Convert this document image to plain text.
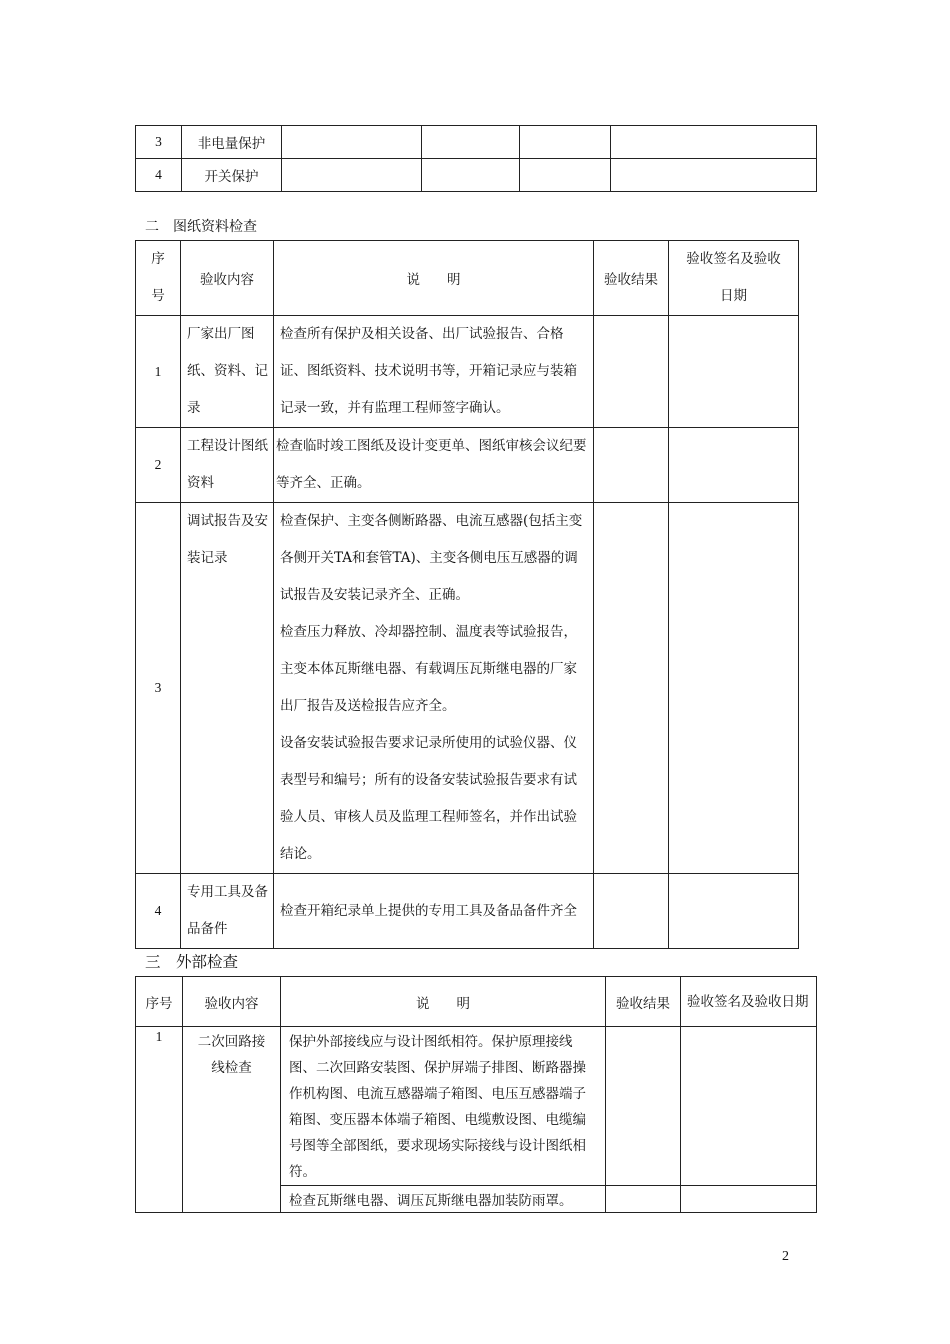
3	非电量保护				
4	开关保护				
二　图纸资料检查
序
号	验收内容	说　　明	验收结果	验收签名及验收
日期
1	厂家出厂图纸、资料、记录	检查所有保护及相关设备、出厂试验报告、合格证、图纸资料、技术说明书等，开箱记录应与装箱记录一致，并有监理工程师签字确认。		
2	工程设计图纸资料	检查临时竣工图纸及设计变更单、图纸审核会议纪要等齐全、正确。		
3	调试报告及安装记录	检查保护、主变各侧断路器、电流互感器(包括主变各侧开关TA和套管TA)、主变各侧电压互感器的调试报告及安装记录齐全、正确。
检查压力释放、冷却器控制、温度表等试验报告，主变本体瓦斯继电器、有载调压瓦斯继电器的厂家出厂报告及送检报告应齐全。
设备安装试验报告要求记录所使用的试验仪器、仪表型号和编号；所有的设备安装试验报告要求有试验人员、审核人员及监理工程师签名，并作出试验结论。		

4	专用工具及备品备件	检查开箱纪录单上提供的专用工具及备品备件齐全		
三　外部检查
序号	验收内容	说　　明	验收结果	验收签名及验收日期
1	二次回路接线检查	保护外部接线应与设计图纸相符。保护原理接线图、二次回路安装图、保护屏端子排图、断路器操作机构图、电流互感器端子箱图、电压互感器端子箱图、变压器本体端子箱图、电缆敷设图、电缆编号图等全部图纸，要求现场实际接线与设计图纸相符。		
		检查瓦斯继电器、调压瓦斯继电器加装防雨罩。		
2
